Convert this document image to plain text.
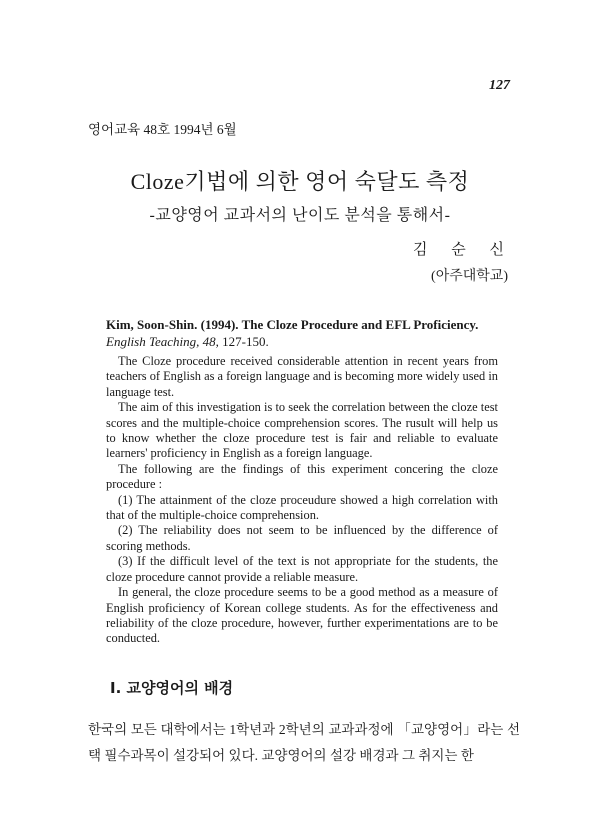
127
영어교육 48호 1994년 6월
Cloze기법에 의한 영어 숙달도 측정
-교양영어 교과서의 난이도 분석을 통해서-
김 순 신
(아주대학교)
Kim, Soon-Shin. (1994). The Cloze Procedure and EFL Proficiency.
English Teaching, 48, 127-150.

The Cloze procedure received considerable attention in recent years from teachers of English as a foreign language and is becoming more widely used in language test.

The aim of this investigation is to seek the correlation between the cloze test scores and the multiple-choice comprehension scores. The rusult will help us to know whether the cloze procedure test is fair and reliable to evaluate learners' proficiency in English as a foreign language.

The following are the findings of this experiment concering the cloze procedure :

(1) The attainment of the cloze proceudure showed a high correlation with that of the multiple-choice comprehension.

(2) The reliability does not seem to be influenced by the difference of scoring methods.

(3) If the difficult level of the text is not appropriate for the students, the cloze procedure cannot provide a reliable measure.

In general, the cloze procedure seems to be a good method as a measure of English proficiency of Korean college students. As for the effectiveness and reliability of the cloze procedure, however, further experimentations are to be conducted.

I. 교양영어의 배경

한국의 모든 대학에서는 1학년과 2학년의 교과과정에 「교양영어」라는 선택 필수과목이 설강되어 있다. 교양영어의 설강 배경과 그 취지는 한
